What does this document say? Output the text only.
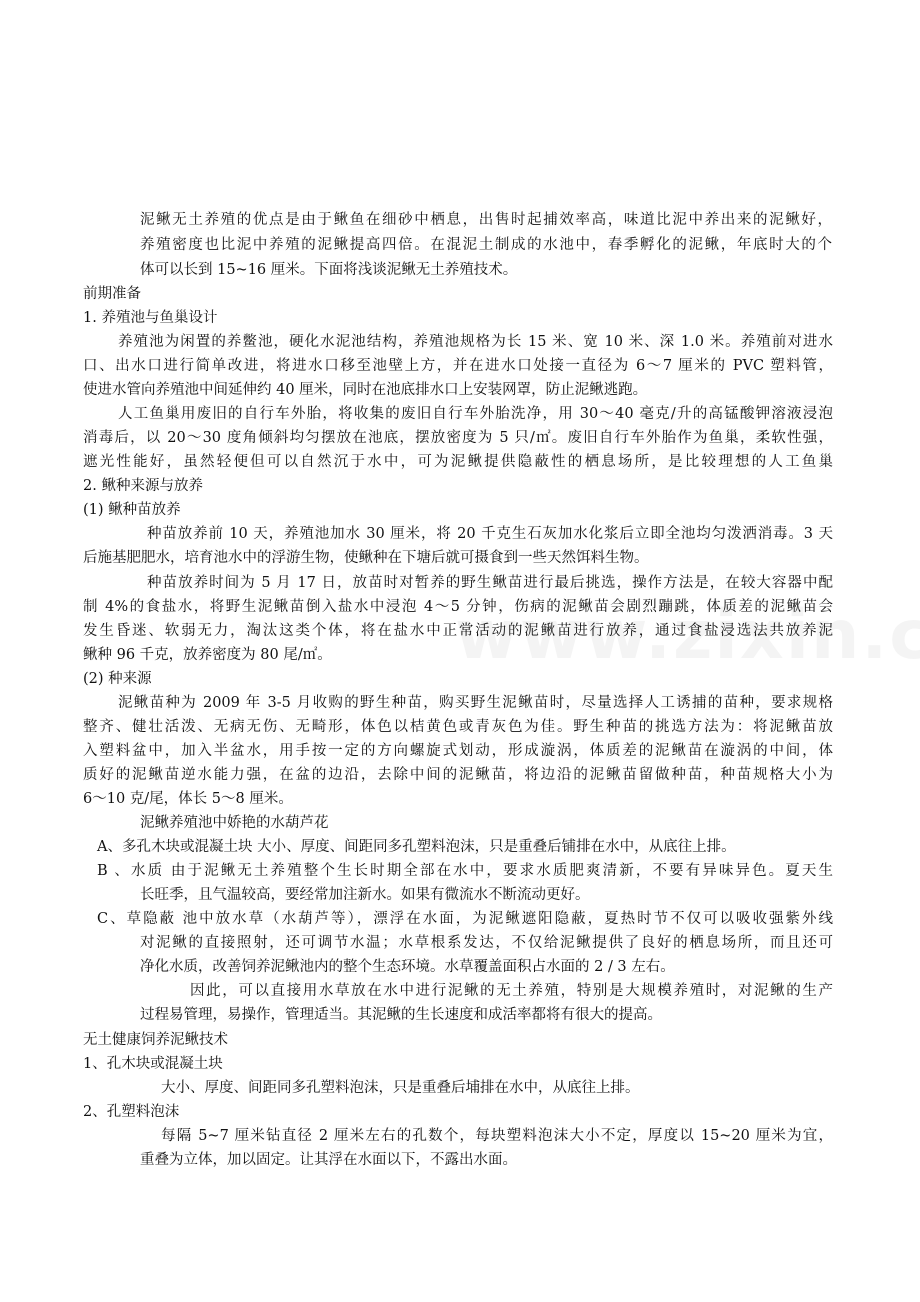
泥鳅无土养殖的优点是由于鳅鱼在细砂中栖息，出售时起捕效率高，味道比泥中养出来的泥鳅好，

养殖密度也比泥中养殖的泥鳅提高四倍。在混泥土制成的水池中，春季孵化的泥鳅，年底时大的个

体可以长到 15~16 厘米。下面将浅谈泥鳅无土养殖技术。

前期准备

1. 养殖池与鱼巢设计

养殖池为闲置的养鳖池，硬化水泥池结构，养殖池规格为长 15 米、宽 10 米、深 1.0 米。养殖前对进水

口、出水口进行简单改进，将进水口移至池壁上方，并在进水口处接一直径为 6～7 厘米的 PVC 塑料管，

使进水管向养殖池中间延伸约 40 厘米，同时在池底排水口上安装网罩，防止泥鳅逃跑。

人工鱼巢用废旧的自行车外胎，将收集的废旧自行车外胎洗净，用 30～40 毫克/升的高锰酸钾溶液浸泡

消毒后，以 20～30 度角倾斜均匀摆放在池底，摆放密度为 5 只/㎡。废旧自行车外胎作为鱼巢，柔软性强，

遮光性能好，虽然轻便但可以自然沉于水中，可为泥鳅提供隐蔽性的栖息场所，是比较理想的人工鱼巢

2. 鳅种来源与放养

(1) 鳅种苗放养

种苗放养前 10 天，养殖池加水 30 厘米，将 20 千克生石灰加水化浆后立即全池均匀泼洒消毒。3 天

后施基肥肥水，培育池水中的浮游生物，使鳅种在下塘后就可摄食到一些天然饵料生物。

种苗放养时间为 5 月 17 日，放苗时对暂养的野生鳅苗进行最后挑选，操作方法是，在较大容器中配

制 4%的食盐水，将野生泥鳅苗倒入盐水中浸泡 4～5 分钟，伤病的泥鳅苗会剧烈蹦跳，体质差的泥鳅苗会

发生昏迷、软弱无力，淘汰这类个体，将在盐水中正常活动的泥鳅苗进行放养，通过食盐浸选法共放养泥

鳅种 96 千克，放养密度为 80 尾/㎡。

(2) 种来源

泥鳅苗种为 2009 年 3-5 月收购的野生种苗，购买野生泥鳅苗时，尽量选择人工诱捕的苗种，要求规格

整齐、健壮活泼、无病无伤、无畸形，体色以桔黄色或青灰色为佳。野生种苗的挑选方法为：将泥鳅苗放

入塑料盆中，加入半盆水，用手按一定的方向螺旋式划动，形成漩涡，体质差的泥鳅苗在漩涡的中间，体

质好的泥鳅苗逆水能力强，在盆的边沿，去除中间的泥鳅苗，将边沿的泥鳅苗留做种苗，种苗规格大小为

6～10 克/尾，体长 5～8 厘米。

泥鳅养殖池中娇艳的水葫芦花

A、多孔木块或混凝土块 大小、厚度、间距同多孔塑料泡沫，只是重叠后铺排在水中，从底往上排。

B 、水质 由于泥鳅无土养殖整个生长时期全部在水中，要求水质肥爽清新，不要有异味异色。夏天生

长旺季，且气温较高，要经常加注新水。如果有微流水不断流动更好。

C、草隐蔽 池中放水草（水葫芦等），漂浮在水面，为泥鳅遮阳隐蔽，夏热时节不仅可以吸收强紫外线

对泥鳅的直接照射，还可调节水温；水草根系发达，不仅给泥鳅提供了良好的栖息场所，而且还可

净化水质，改善饲养泥鳅池内的整个生态环境。水草覆盖面积占水面的 2 / 3 左右。

因此，可以直接用水草放在水中进行泥鳅的无土养殖，特别是大规模养殖时，对泥鳅的生产

过程易管理，易操作，管理适当。其泥鳅的生长速度和成活率都将有很大的提高。

无土健康饲养泥鳅技术

1、孔木块或混凝土块

大小、厚度、间距同多孔塑料泡沫，只是重叠后埔排在水中，从底往上排。

2、孔塑料泡沫

每隔 5~7 厘米钻直径 2 厘米左右的孔数个，每块塑料泡沫大小不定，厚度以 15~20 厘米为宜，

重叠为立体，加以固定。让其浮在水面以下，不露出水面。
